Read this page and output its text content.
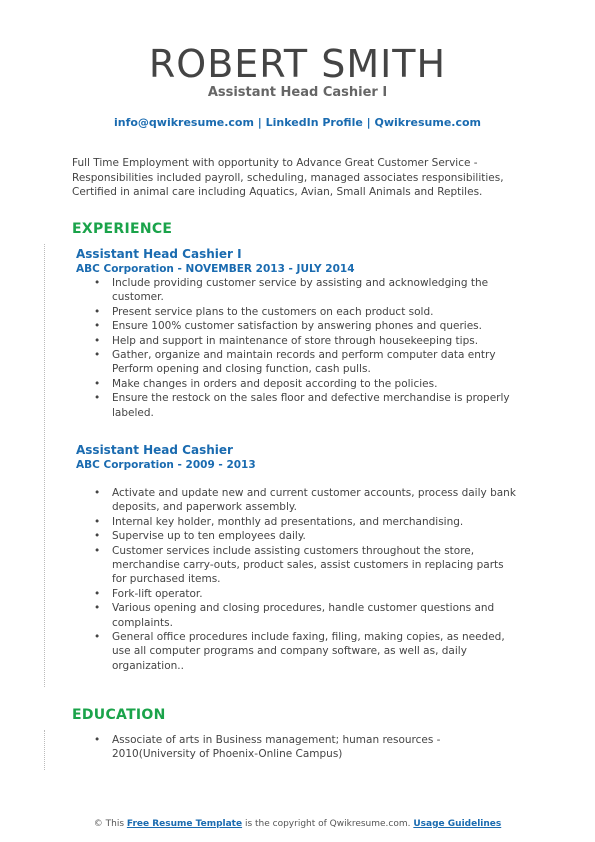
ROBERT SMITH
Assistant Head Cashier I
info@qwikresume.com | LinkedIn Profile | Qwikresume.com
Full Time Employment with opportunity to Advance Great Customer Service - Responsibilities included payroll, scheduling, managed associates responsibilities, Certified in animal care including Aquatics, Avian, Small Animals and Reptiles.
EXPERIENCE
Assistant Head Cashier I
ABC Corporation - NOVEMBER 2013 - JULY 2014
• Include providing customer service by assisting and acknowledging the customer.
• Present service plans to the customers on each product sold.
• Ensure 100% customer satisfaction by answering phones and queries.
• Help and support in maintenance of store through housekeeping tips.
• Gather, organize and maintain records and perform computer data entry Perform opening and closing function, cash pulls.
• Make changes in orders and deposit according to the policies.
• Ensure the restock on the sales floor and defective merchandise is properly labeled.
Assistant Head Cashier
ABC Corporation - 2009 - 2013
• Activate and update new and current customer accounts, process daily bank deposits, and paperwork assembly.
• Internal key holder, monthly ad presentations, and merchandising.
• Supervise up to ten employees daily.
• Customer services include assisting customers throughout the store, merchandise carry-outs, product sales, assist customers in replacing parts for purchased items.
• Fork-lift operator.
• Various opening and closing procedures, handle customer questions and complaints.
• General office procedures include faxing, filing, making copies, as needed, use all computer programs and company software, as well as, daily organization..
EDUCATION
• Associate of arts in Business management; human resources - 2010(University of Phoenix-Online Campus)
© This Free Resume Template is the copyright of Qwikresume.com. Usage Guidelines
